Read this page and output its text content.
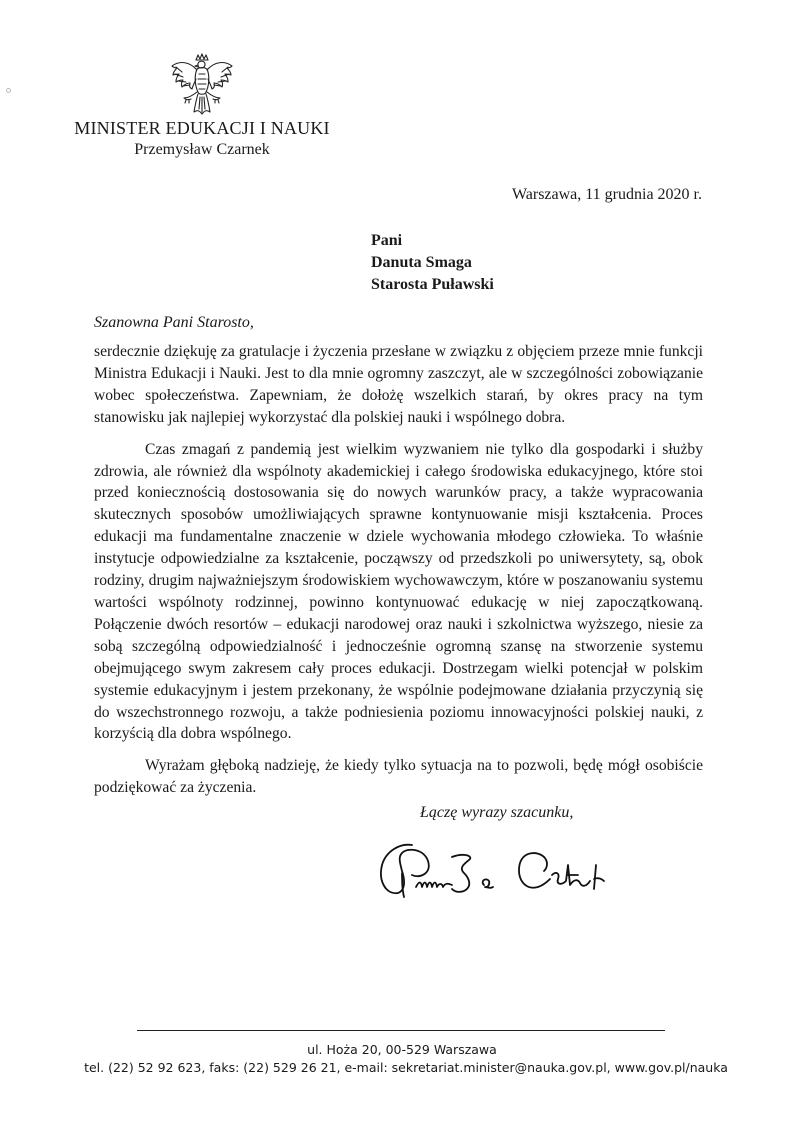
MINISTER EDUKACJI I NAUKI
Przemysław Czarnek
Warszawa, 11 grudnia 2020 r.
Pani
Danuta Smaga
Starosta Puławski
Szanowna Pani Starosto,

serdecznie dziękuję za gratulacje i życzenia przesłane w związku z objęciem przeze mnie funkcji Ministra Edukacji i Nauki. Jest to dla mnie ogromny zaszczyt, ale w szczególności zobowiązanie wobec społeczeństwa. Zapewniam, że dołożę wszelkich starań, by okres pracy na tym stanowisku jak najlepiej wykorzystać dla polskiej nauki i wspólnego dobra.

Czas zmagań z pandemią jest wielkim wyzwaniem nie tylko dla gospodarki i służby zdrowia, ale również dla wspólnoty akademickiej i całego środowiska edukacyjnego, które stoi przed koniecznością dostosowania się do nowych warunków pracy, a także wypracowania skutecznych sposobów umożliwiających sprawne kontynuowanie misji kształcenia. Proces edukacji ma fundamentalne znaczenie w dziele wychowania młodego człowieka. To właśnie instytucje odpowiedzialne za kształcenie, począwszy od przedszkoli po uniwersytety, są, obok rodziny, drugim najważniejszym środowiskiem wychowawczym, które w poszanowaniu systemu wartości wspólnoty rodzinnej, powinno kontynuować edukację w niej zapoczątkowaną. Połączenie dwóch resortów – edukacji narodowej oraz nauki i szkolnictwa wyższego, niesie za sobą szczególną odpowiedzialność i jednocześnie ogromną szansę na stworzenie systemu obejmującego swym zakresem cały proces edukacji. Dostrzegam wielki potencjał w polskim systemie edukacyjnym i jestem przekonany, że wspólnie podejmowane działania przyczynią się do wszechstronnego rozwoju, a także podniesienia poziomu innowacyjności polskiej nauki, z korzyścią dla dobra wspólnego.

Wyrażam głęboką nadzieję, że kiedy tylko sytuacja na to pozwoli, będę mógł osobiście podziękować za życzenia.

Łączę wyrazy szacunku,
ul. Hoża 20, 00-529 Warszawa
tel. (22) 52 92 623, faks: (22) 529 26 21, e-mail: sekretariat.minister@nauka.gov.pl, www.gov.pl/nauka
